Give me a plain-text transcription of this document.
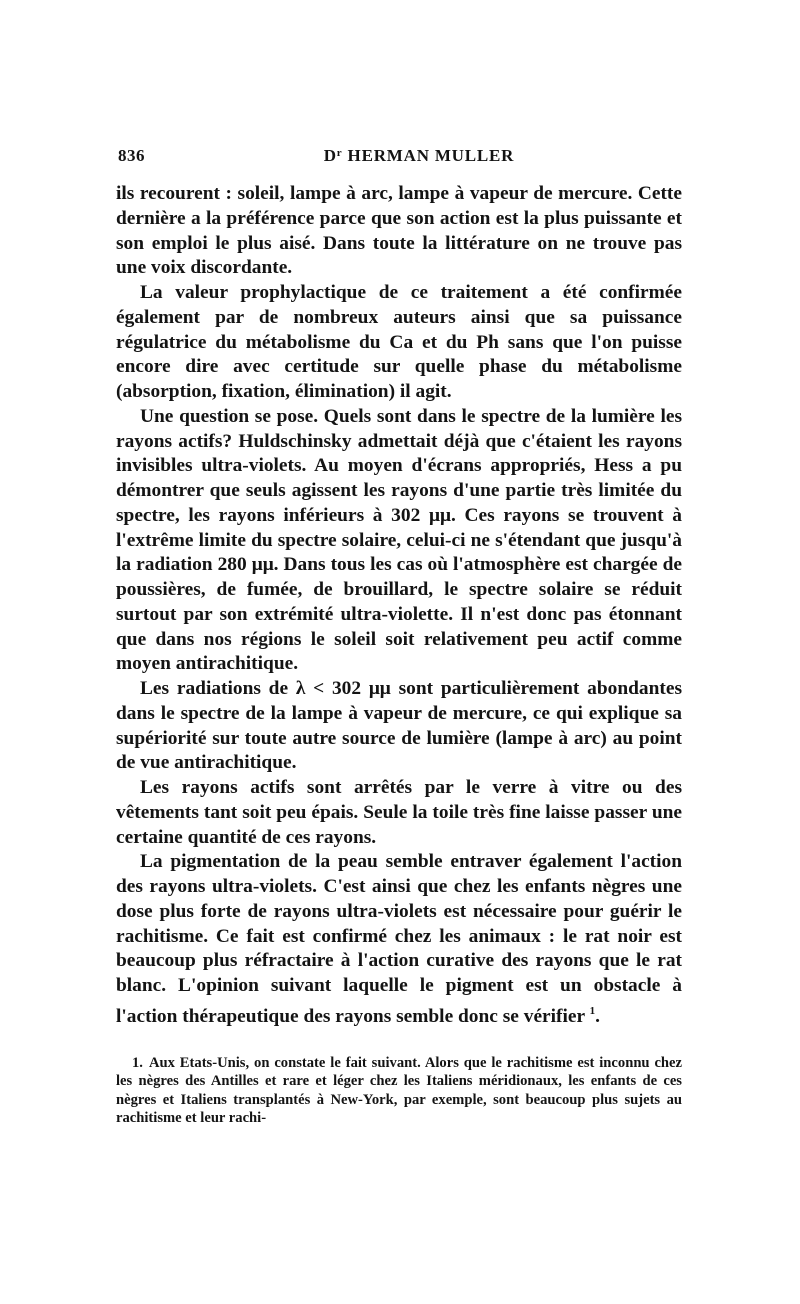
836	$D^r$ HERMAN MULLER

ils recourent : soleil, lampe à arc, lampe à vapeur de mercure. Cette dernière a la préférence parce que son action est la plus puissante et son emploi le plus aisé. Dans toute la littérature on ne trouve pas une voix discordante.

La valeur prophylactique de ce traitement a été confirmée également par de nombreux auteurs ainsi que sa puissance régulatrice du métabolisme du Ca et du Ph sans que l'on puisse encore dire avec certitude sur quelle phase du métabolisme (absorption, fixation, élimination) il agit.

Une question se pose. Quels sont dans le spectre de la lumière les rayons actifs? Huldschinsky admettait déjà que c'étaient les rayons invisibles ultra-violets. Au moyen d'écrans appropriés, Hess a pu démontrer que seuls agissent les rayons d'une partie très limitée du spectre, les rayons inférieurs à 302 μμ. Ces rayons se trouvent à l'extrême limite du spectre solaire, celui-ci ne s'étendant que jusqu'à la radiation 280 μμ. Dans tous les cas où l'atmosphère est chargée de poussières, de fumée, de brouillard, le spectre solaire se réduit surtout par son extrémité ultra-violette. Il n'est donc pas étonnant que dans nos régions le soleil soit relativement peu actif comme moyen antirachitique.

Les radiations de λ < 302 μμ sont particulièrement abondantes dans le spectre de la lampe à vapeur de mercure, ce qui explique sa supériorité sur toute autre source de lumière (lampe à arc) au point de vue antirachitique.

Les rayons actifs sont arrêtés par le verre à vitre ou des vêtements tant soit peu épais. Seule la toile très fine laisse passer une certaine quantité de ces rayons.

La pigmentation de la peau semble entraver également l'action des rayons ultra-violets. C'est ainsi que chez les enfants nègres une dose plus forte de rayons ultra-violets est nécessaire pour guérir le rachitisme. Ce fait est confirmé chez les animaux : le rat noir est beaucoup plus réfractaire à l'action curative des rayons que le rat blanc. L'opinion suivant laquelle le pigment est un obstacle à l'action thérapeutique des rayons semble donc se vérifier $^1$.

1. Aux Etats-Unis, on constate le fait suivant. Alors que le rachitisme est inconnu chez les nègres des Antilles et rare et léger chez les Italiens méridionaux, les enfants de ces nègres et Italiens transplantés à New-York, par exemple, sont beaucoup plus sujets au rachitisme et leur rachi-
